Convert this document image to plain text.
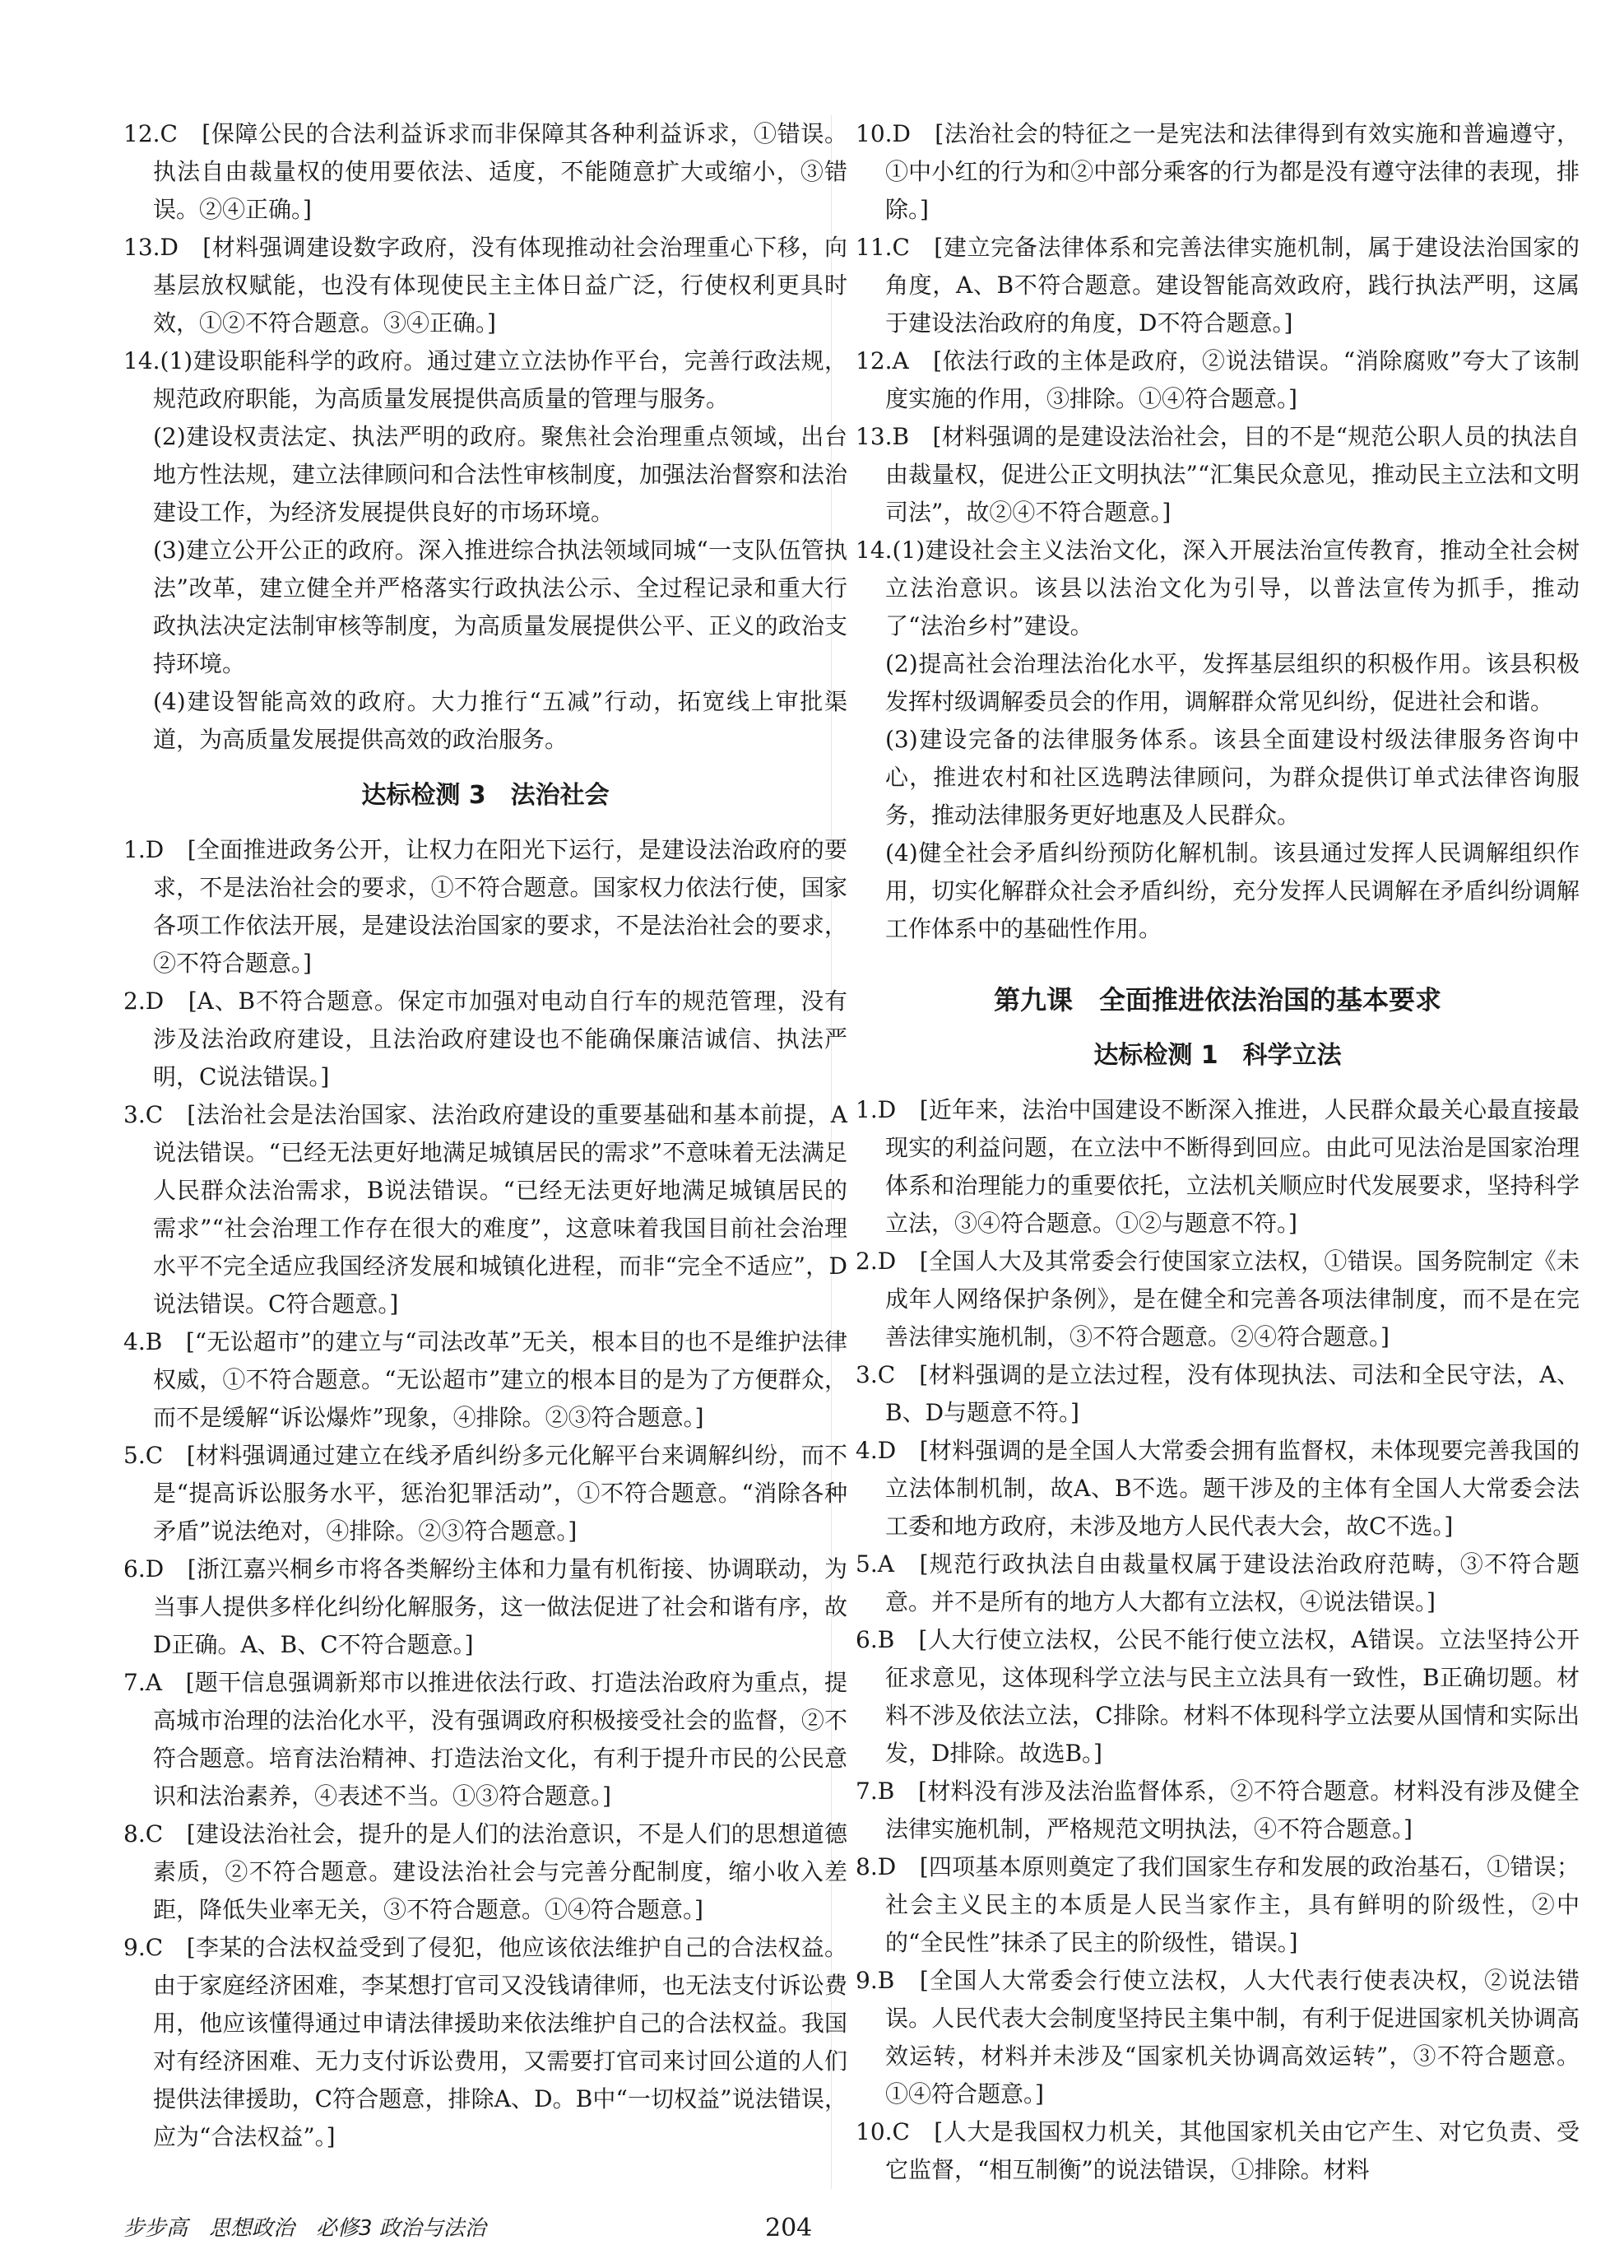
12.C　[保障公民的合法利益诉求而非保障其各种利益诉求，①错误。执法自由裁量权的使用要依法、适度，不能随意扩大或缩小，③错误。②④正确。]

13.D　[材料强调建设数字政府，没有体现推动社会治理重心下移，向基层放权赋能，也没有体现使民主主体日益广泛，行使权利更具时效，①②不符合题意。③④正确。]

14.(1)建设职能科学的政府。通过建立立法协作平台，完善行政法规，规范政府职能，为高质量发展提供高质量的管理与服务。

(2)建设权责法定、执法严明的政府。聚焦社会治理重点领域，出台地方性法规，建立法律顾问和合法性审核制度，加强法治督察和法治建设工作，为经济发展提供良好的市场环境。

(3)建立公开公正的政府。深入推进综合执法领域同城“一支队伍管执法”改革，建立健全并严格落实行政执法公示、全过程记录和重大行政执法决定法制审核等制度，为高质量发展提供公平、正义的政治支持环境。

(4)建设智能高效的政府。大力推行“五减”行动，拓宽线上审批渠道，为高质量发展提供高效的政治服务。

达标检测 3　法治社会

1.D　[全面推进政务公开，让权力在阳光下运行，是建设法治政府的要求，不是法治社会的要求，①不符合题意。国家权力依法行使，国家各项工作依法开展，是建设法治国家的要求，不是法治社会的要求，②不符合题意。]

2.D　[A、B不符合题意。保定市加强对电动自行车的规范管理，没有涉及法治政府建设，且法治政府建设也不能确保廉洁诚信、执法严明，C说法错误。]

3.C　[法治社会是法治国家、法治政府建设的重要基础和基本前提，A说法错误。“已经无法更好地满足城镇居民的需求”不意味着无法满足人民群众法治需求，B说法错误。“已经无法更好地满足城镇居民的需求”“社会治理工作存在很大的难度”，这意味着我国目前社会治理水平不完全适应我国经济发展和城镇化进程，而非“完全不适应”，D说法错误。C符合题意。]

4.B　[“无讼超市”的建立与“司法改革”无关，根本目的也不是维护法律权威，①不符合题意。“无讼超市”建立的根本目的是为了方便群众，而不是缓解“诉讼爆炸”现象，④排除。②③符合题意。]

5.C　[材料强调通过建立在线矛盾纠纷多元化解平台来调解纠纷，而不是“提高诉讼服务水平，惩治犯罪活动”，①不符合题意。“消除各种矛盾”说法绝对，④排除。②③符合题意。]

6.D　[浙江嘉兴桐乡市将各类解纷主体和力量有机衔接、协调联动，为当事人提供多样化纠纷化解服务，这一做法促进了社会和谐有序，故D正确。A、B、C不符合题意。]

7.A　[题干信息强调新郑市以推进依法行政、打造法治政府为重点，提高城市治理的法治化水平，没有强调政府积极接受社会的监督，②不符合题意。培育法治精神、打造法治文化，有利于提升市民的公民意识和法治素养，④表述不当。①③符合题意。]

8.C　[建设法治社会，提升的是人们的法治意识，不是人们的思想道德素质，②不符合题意。建设法治社会与完善分配制度，缩小收入差距，降低失业率无关，③不符合题意。①④符合题意。]

9.C　[李某的合法权益受到了侵犯，他应该依法维护自己的合法权益。由于家庭经济困难，李某想打官司又没钱请律师，也无法支付诉讼费用，他应该懂得通过申请法律援助来依法维护自己的合法权益。我国对有经济困难、无力支付诉讼费用，又需要打官司来讨回公道的人们提供法律援助，C符合题意，排除A、D。B中“一切权益”说法错误，应为“合法权益”。]

10.D　[法治社会的特征之一是宪法和法律得到有效实施和普遍遵守，①中小红的行为和②中部分乘客的行为都是没有遵守法律的表现，排除。]

11.C　[建立完备法律体系和完善法律实施机制，属于建设法治国家的角度，A、B不符合题意。建设智能高效政府，践行执法严明，这属于建设法治政府的角度，D不符合题意。]

12.A　[依法行政的主体是政府，②说法错误。“消除腐败”夸大了该制度实施的作用，③排除。①④符合题意。]

13.B　[材料强调的是建设法治社会，目的不是“规范公职人员的执法自由裁量权，促进公正文明执法”“汇集民众意见，推动民主立法和文明司法”，故②④不符合题意。]

14.(1)建设社会主义法治文化，深入开展法治宣传教育，推动全社会树立法治意识。该县以法治文化为引导，以普法宣传为抓手，推动了“法治乡村”建设。

(2)提高社会治理法治化水平，发挥基层组织的积极作用。该县积极发挥村级调解委员会的作用，调解群众常见纠纷，促进社会和谐。

(3)建设完备的法律服务体系。该县全面建设村级法律服务咨询中心，推进农村和社区选聘法律顾问，为群众提供订单式法律咨询服务，推动法律服务更好地惠及人民群众。

(4)健全社会矛盾纠纷预防化解机制。该县通过发挥人民调解组织作用，切实化解群众社会矛盾纠纷，充分发挥人民调解在矛盾纠纷调解工作体系中的基础性作用。

第九课　全面推进依法治国的基本要求
达标检测 1　科学立法

1.D　[近年来，法治中国建设不断深入推进，人民群众最关心最直接最现实的利益问题，在立法中不断得到回应。由此可见法治是国家治理体系和治理能力的重要依托，立法机关顺应时代发展要求，坚持科学立法，③④符合题意。①②与题意不符。]

2.D　[全国人大及其常委会行使国家立法权，①错误。国务院制定《未成年人网络保护条例》，是在健全和完善各项法律制度，而不是在完善法律实施机制，③不符合题意。②④符合题意。]

3.C　[材料强调的是立法过程，没有体现执法、司法和全民守法，A、B、D与题意不符。]

4.D　[材料强调的是全国人大常委会拥有监督权，未体现要完善我国的立法体制机制，故A、B不选。题干涉及的主体有全国人大常委会法工委和地方政府，未涉及地方人民代表大会，故C不选。]

5.A　[规范行政执法自由裁量权属于建设法治政府范畴，③不符合题意。并不是所有的地方人大都有立法权，④说法错误。]

6.B　[人大行使立法权，公民不能行使立法权，A错误。立法坚持公开征求意见，这体现科学立法与民主立法具有一致性，B正确切题。材料不涉及依法立法，C排除。材料不体现科学立法要从国情和实际出发，D排除。故选B。]

7.B　[材料没有涉及法治监督体系，②不符合题意。材料没有涉及健全法律实施机制，严格规范文明执法，④不符合题意。]

8.D　[四项基本原则奠定了我们国家生存和发展的政治基石，①错误；社会主义民主的本质是人民当家作主，具有鲜明的阶级性，②中的“全民性”抹杀了民主的阶级性，错误。]

9.B　[全国人大常委会行使立法权，人大代表行使表决权，②说法错误。人民代表大会制度坚持民主集中制，有利于促进国家机关协调高效运转，材料并未涉及“国家机关协调高效运转”，③不符合题意。①④符合题意。]

10.C　[人大是我国权力机关，其他国家机关由它产生、对它负责、受它监督，“相互制衡”的说法错误，①排除。材料

步步高　思想政治　必修3 政治与法治	204
